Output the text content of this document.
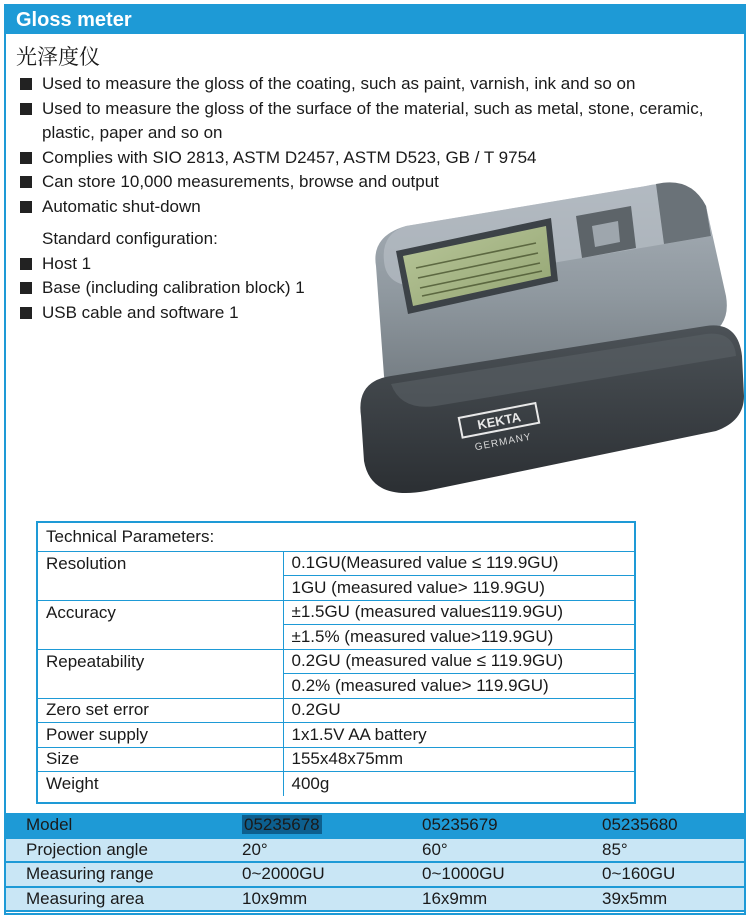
Gloss meter
光泽度仪
Used to measure the gloss of the coating, such as paint, varnish, ink and so on
Used to measure the gloss of the surface of the material, such as metal, stone, ceramic, plastic, paper and so on
Complies with SIO 2813, ASTM D2457, ASTM D523, GB / T 9754
Can store 10,000 measurements, browse and output
Automatic shut-down
Standard configuration:
Host 1
Base (including calibration block) 1
USB cable and software 1
KEKTA
GERMANY
Technical Parameters:	
Resolution	0.1GU(Measured value ≤ 119.9GU)
	1GU (measured value> 119.9GU)
Accuracy	±1.5GU (measured value≤119.9GU)
	±1.5% (measured value>119.9GU)
Repeatability	0.2GU (measured value ≤ 119.9GU)
	0.2% (measured value> 119.9GU)
Zero set error	0.2GU
Power supply	1x1.5V AA battery
Size	155x48x75mm
Weight	400g
Model	05235678	05235679	05235680
Projection angle	20°	60°	85°
Measuring range	0~2000GU	0~1000GU	0~160GU
Measuring area	10x9mm	16x9mm	39x5mm
